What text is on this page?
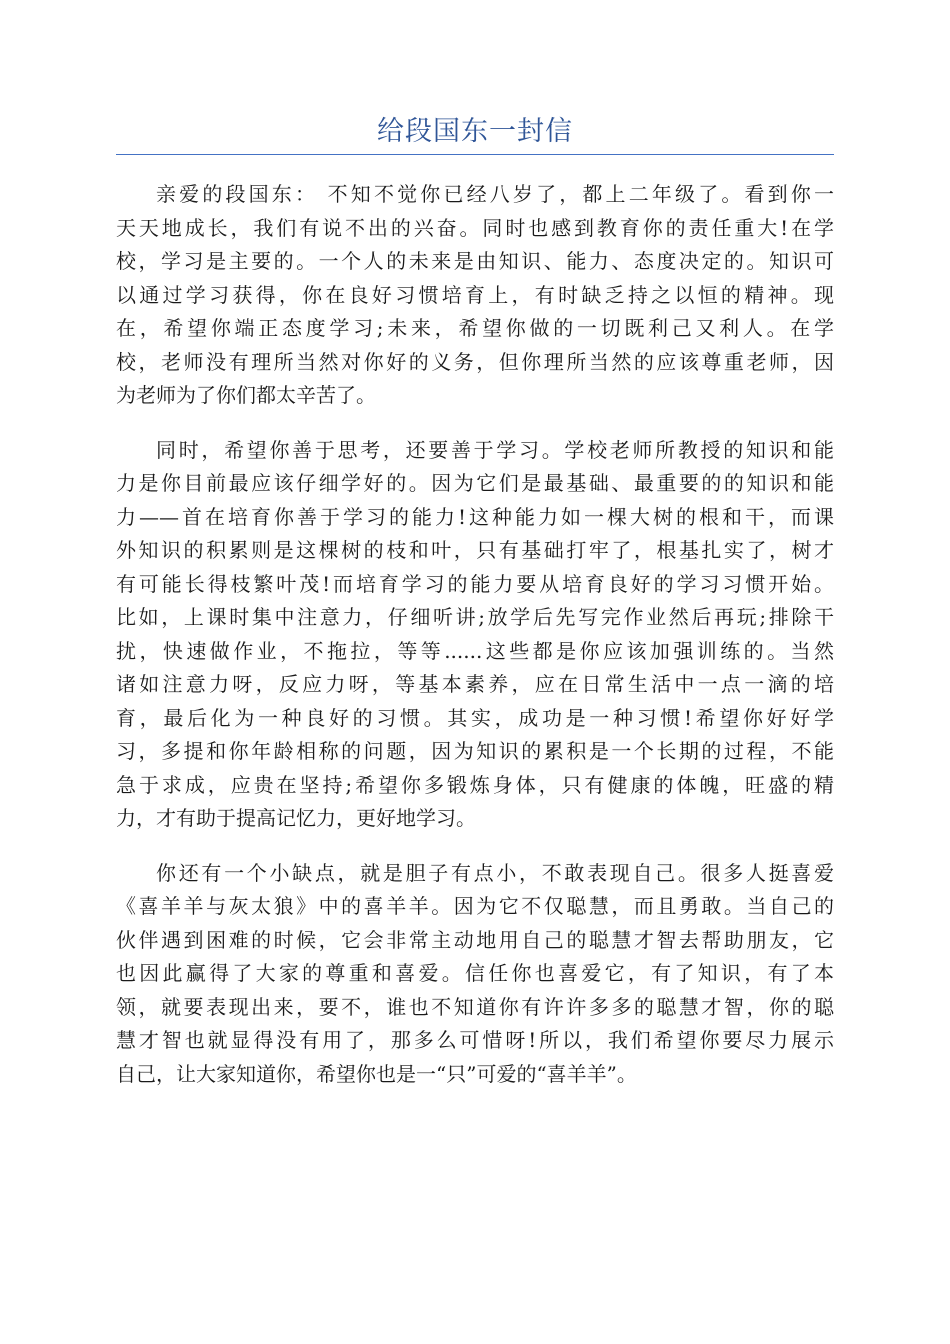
给段国东一封信
亲爱的段国东： 不知不觉你已经八岁了，都上二年级了。看到你一
天天地成长，我们有说不出的兴奋。同时也感到教育你的责任重大!在学
校，学习是主要的。一个人的未来是由知识、能力、态度决定的。知识可
以通过学习获得，你在良好习惯培育上，有时缺乏持之以恒的精神。现
在，希望你端正态度学习;未来，希望你做的一切既利己又利人。在学
校，老师没有理所当然对你好的义务，但你理所当然的应该尊重老师，因
为老师为了你们都太辛苦了。
同时，希望你善于思考，还要善于学习。学校老师所教授的知识和能
力是你目前最应该仔细学好的。因为它们是最基础、最重要的的知识和能
力——首在培育你善于学习的能力!这种能力如一棵大树的根和干，而课
外知识的积累则是这棵树的枝和叶，只有基础打牢了，根基扎实了，树才
有可能长得枝繁叶茂!而培育学习的能力要从培育良好的学习习惯开始。
比如，上课时集中注意力，仔细听讲;放学后先写完作业然后再玩;排除干
扰，快速做作业，不拖拉，等等......这些都是你应该加强训练的。当然
诸如注意力呀，反应力呀，等基本素养，应在日常生活中一点一滴的培
育，最后化为一种良好的习惯。其实，成功是一种习惯!希望你好好学
习，多提和你年龄相称的问题，因为知识的累积是一个长期的过程，不能
急于求成，应贵在坚持;希望你多锻炼身体，只有健康的体魄，旺盛的精
力，才有助于提高记忆力，更好地学习。
你还有一个小缺点，就是胆子有点小，不敢表现自己。很多人挺喜爱
《喜羊羊与灰太狼》中的喜羊羊。因为它不仅聪慧，而且勇敢。当自己的
伙伴遇到困难的时候，它会非常主动地用自己的聪慧才智去帮助朋友，它
也因此赢得了大家的尊重和喜爱。信任你也喜爱它，有了知识，有了本
领，就要表现出来，要不，谁也不知道你有许许多多的聪慧才智，你的聪
慧才智也就显得没有用了，那多么可惜呀!所以，我们希望你要尽力展示
自己，让大家知道你，希望你也是一“只”可爱的“喜羊羊”。
